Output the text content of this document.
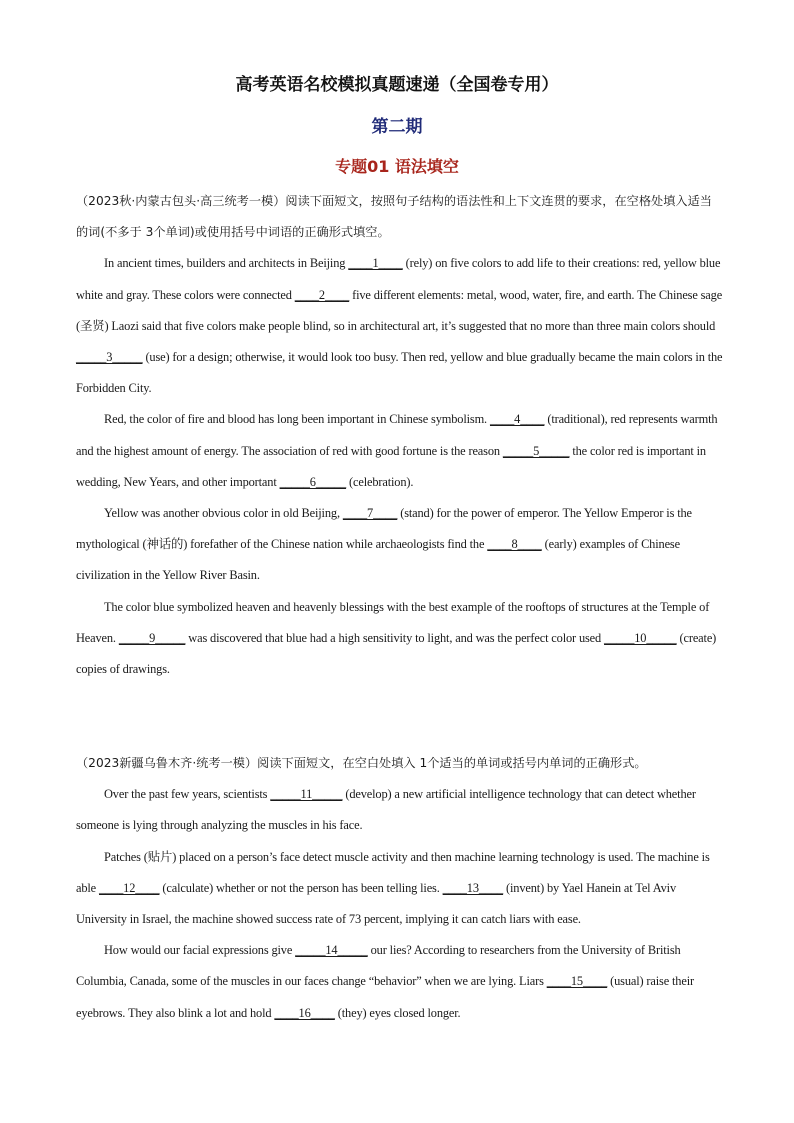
高考英语名校模拟真题速递（全国卷专用）
第二期
专题01 语法填空

（2023秋·内蒙古包头·高三统考一模）阅读下面短文，按照句子结构的语法性和上下文连贯的要求，在空格处填入适当的词(不多于 3个单词)或使用括号中词语的正确形式填空。

In ancient times, builders and architects in Beijing ____1____ (rely) on five colors to add life to their creations: red, yellow blue white and gray. These colors were connected ____2____ five different elements: metal, wood, water, fire, and earth. The Chinese sage (圣贤) Laozi said that five colors make people blind, so in architectural art, it’s suggested that no more than three main colors should _____3_____ (use) for a design; otherwise, it would look too busy. Then red, yellow and blue gradually became the main colors in the Forbidden City.

Red, the color of fire and blood has long been important in Chinese symbolism. ____4____ (traditional), red represents warmth and the highest amount of energy. The association of red with good fortune is the reason _____5_____ the color red is important in wedding, New Years, and other important _____6_____ (celebration).

Yellow was another obvious color in old Beijing, ____7____ (stand) for the power of emperor. The Yellow Emperor is the mythological (神话的) forefather of the Chinese nation while archaeologists find the ____8____ (early) examples of Chinese civilization in the Yellow River Basin.

The color blue symbolized heaven and heavenly blessings with the best example of the rooftops of structures at the Temple of Heaven. _____9_____ was discovered that blue had a high sensitivity to light, and was the perfect color used _____10_____ (create) copies of drawings.

（2023新疆乌鲁木齐·统考一模）阅读下面短文，在空白处填入 1个适当的单词或括号内单词的正确形式。

Over the past few years, scientists _____11_____ (develop) a new artificial intelligence technology that can detect whether someone is lying through analyzing the muscles in his face.

Patches (贴片) placed on a person’s face detect muscle activity and then machine learning technology is used. The machine is able ____12____ (calculate) whether or not the person has been telling lies. ____13____ (invent) by Yael Hanein at Tel Aviv University in Israel, the machine showed success rate of 73 percent, implying it can catch liars with ease.

How would our facial expressions give _____14_____ our lies? According to researchers from the University of British Columbia, Canada, some of the muscles in our faces change “behavior” when we are lying. Liars ____15____ (usual) raise their eyebrows. They also blink a lot and hold ____16____ (they) eyes closed longer.
